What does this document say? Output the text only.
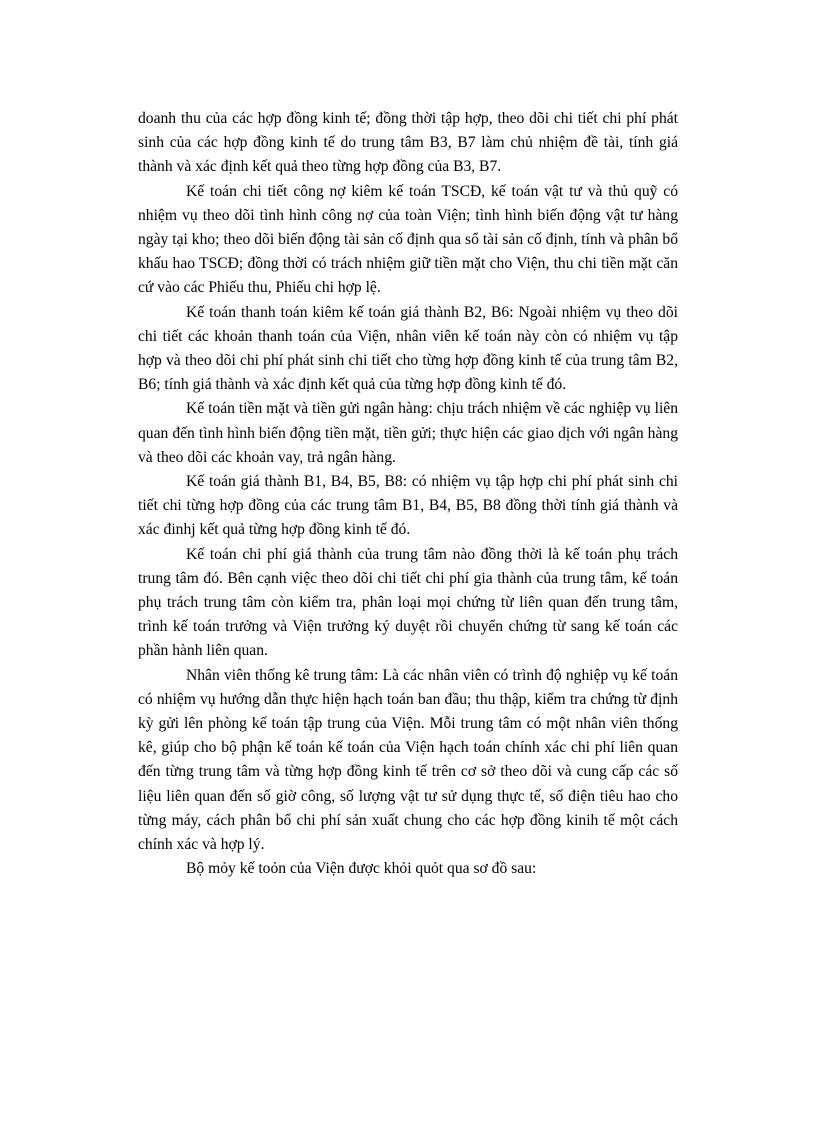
doanh thu của các hợp đồng kinh tế; đồng thời tập hợp, theo dõi chi tiết chi phí phát sinh của các hợp đồng kinh tế do trung tâm B3, B7 làm chủ nhiệm đề tài, tính giá thành và xác định kết quả theo từng hợp đồng của B3, B7.

Kế toán chi tiết công nợ kiêm kế toán TSCĐ, kế toán vật tư và thủ quỹ có nhiệm vụ theo dõi tình hình công nợ của toàn Viện; tình hình biến động vật tư hàng ngày tại kho; theo dõi biến động tài sản cố định qua sổ tài sản cố định, tính và phân bổ khấu hao TSCĐ; đồng thời có trách nhiệm giữ tiền mặt cho Viện, thu chi tiền mặt căn cứ vào các Phiếu thu, Phiếu chi hợp lệ.

Kế toán thanh toán kiêm kế toán giá thành B2, B6: Ngoài nhiệm vụ theo dõi chi tiết các khoản thanh toán của Viện, nhân viên kế toán này còn có nhiệm vụ tập hợp và theo dõi chi phí phát sinh chi tiết cho từng hợp đồng kinh tế của trung tâm B2, B6; tính giá thành và xác định kết quả của từng hợp đồng kinh tế đó.

Kế toán tiền mặt và tiền gửi ngân hàng: chịu trách nhiệm về các nghiệp vụ liên quan đến tình hình biến động tiền mặt, tiền gửi; thực hiện các giao dịch với ngân hàng và theo dõi các khoản vay, trả ngân hàng.

Kế toán giá thành B1, B4, B5, B8: có nhiệm vụ tập hợp chi phí phát sinh chi tiết chi từng hợp đồng của các trung tâm B1, B4, B5, B8 đồng thời tính giá thành và xác đinhj kết quả từng hợp đồng kinh tế đó.

Kế toán chi phí giá thành của trung tâm nào đồng thời là kế toán phụ trách trung tâm đó. Bên cạnh việc theo dõi chi tiết chi phí gia thành của trung tâm, kế toán phụ trách trung tâm còn kiểm tra, phân loại mọi chứng từ liên quan đến trung tâm, trình kế toán trưởng và Viện trưởng ký duyệt rồi chuyển chứng từ sang kế toán các phần hành liên quan.

Nhân viên thống kê trung tâm: Là các nhân viên có trình độ nghiệp vụ kế toán có nhiệm vụ hướng dẫn thực hiện hạch toán ban đầu; thu thập, kiểm tra chứng từ định kỳ gửi lên phòng kế toán tập trung của Viện. Mỗi trung tâm có một nhân viên thống kê, giúp cho bộ phận kế toán kế toán của Viện hạch toán chính xác chi phí liên quan đến từng trung tâm và từng hợp đồng kinh tế trên cơ sở theo dõi và cung cấp các số liệu liên quan đến số giờ công, số lượng vật tư sử dụng thực tế, số điện tiêu hao cho từng máy, cách phân bổ chi phí sản xuất chung cho các hợp đồng kinih tế một cách chính xác và hợp lý.

Bộ mỏy kế toỏn của Viện được khỏi quỏt qua sơ đồ sau:
